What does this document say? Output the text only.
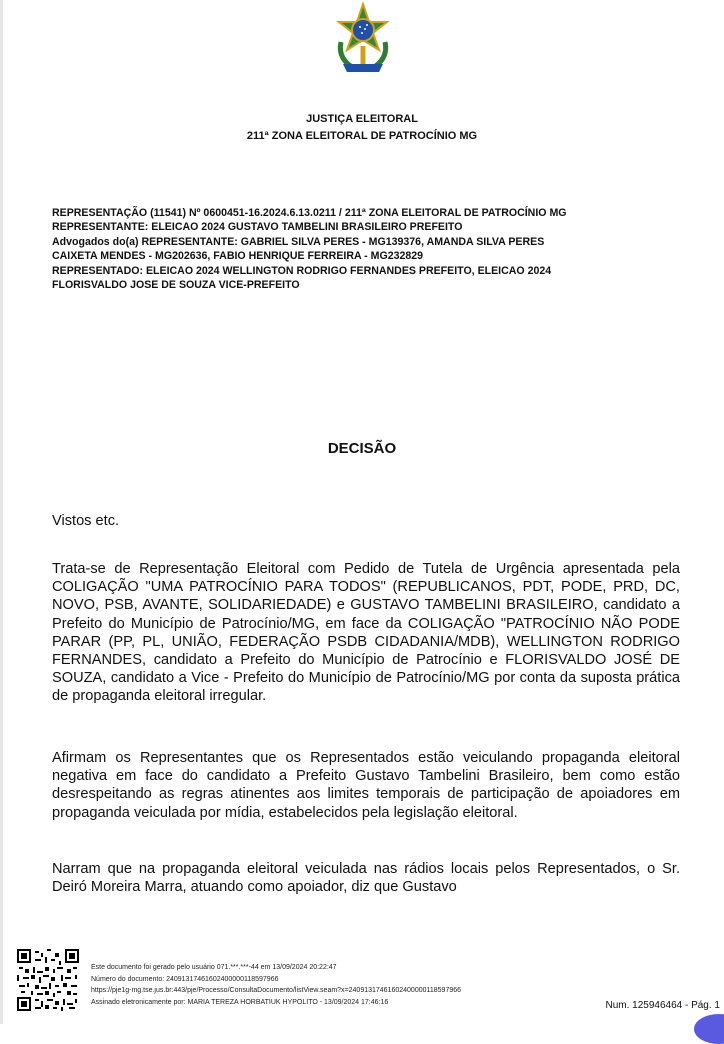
JUSTIÇA ELEITORAL
211ª ZONA ELEITORAL DE PATROCÍNIO MG
REPRESENTAÇÃO (11541) Nº 0600451-16.2024.6.13.0211 / 211ª ZONA ELEITORAL DE PATROCÍNIO MG
REPRESENTANTE: ELEICAO 2024 GUSTAVO TAMBELINI BRASILEIRO PREFEITO
Advogados do(a) REPRESENTANTE: GABRIEL SILVA PERES - MG139376, AMANDA SILVA PERES
CAIXETA MENDES - MG202636, FABIO HENRIQUE FERREIRA - MG232829
REPRESENTADO: ELEICAO 2024 WELLINGTON RODRIGO FERNANDES PREFEITO, ELEICAO 2024
FLORISVALDO JOSE DE SOUZA VICE-PREFEITO
DECISÃO
Vistos etc.
Trata-se de Representação Eleitoral com Pedido de Tutela de Urgência apresentada pela COLIGAÇÃO "UMA PATROCÍNIO PARA TODOS" (REPUBLICANOS, PDT, PODE, PRD, DC, NOVO, PSB, AVANTE, SOLIDARIEDADE) e GUSTAVO TAMBELINI BRASILEIRO, candidato a Prefeito do Município de Patrocínio/MG, em face da COLIGAÇÃO "PATROCÍNIO NÃO PODE PARAR (PP, PL, UNIÃO, FEDERAÇÃO PSDB CIDADANIA/MDB), WELLINGTON RODRIGO FERNANDES, candidato a Prefeito do Município de Patrocínio e FLORISVALDO JOSÉ DE SOUZA, candidato a Vice - Prefeito do Município de Patrocínio/MG por conta da suposta prática de propaganda eleitoral irregular.
Afirmam os Representantes que os Representados estão veiculando propaganda eleitoral negativa em face do candidato a Prefeito Gustavo Tambelini Brasileiro, bem como estão desrespeitando as regras atinentes aos limites temporais de participação de apoiadores em propaganda veiculada por mídia, estabelecidos pela legislação eleitoral.
Narram que na propaganda eleitoral veiculada nas rádios locais pelos Representados, o Sr. Deiró Moreira Marra, atuando como apoiador, diz que Gustavo
Este documento foi gerado pelo usuário 071.***.***-44 em 13/09/2024 20:22:47
Número do documento: 24091317461602400000118597966
https://pje1g-mg.tse.jus.br:443/pje/Processo/ConsultaDocumento/listView.seam?x=24091317461602400000118597966
Assinado eletronicamente por: MARIA TEREZA HORBATIUK HYPOLITO - 13/09/2024 17:46:16	Num. 125946464 - Pág. 1
